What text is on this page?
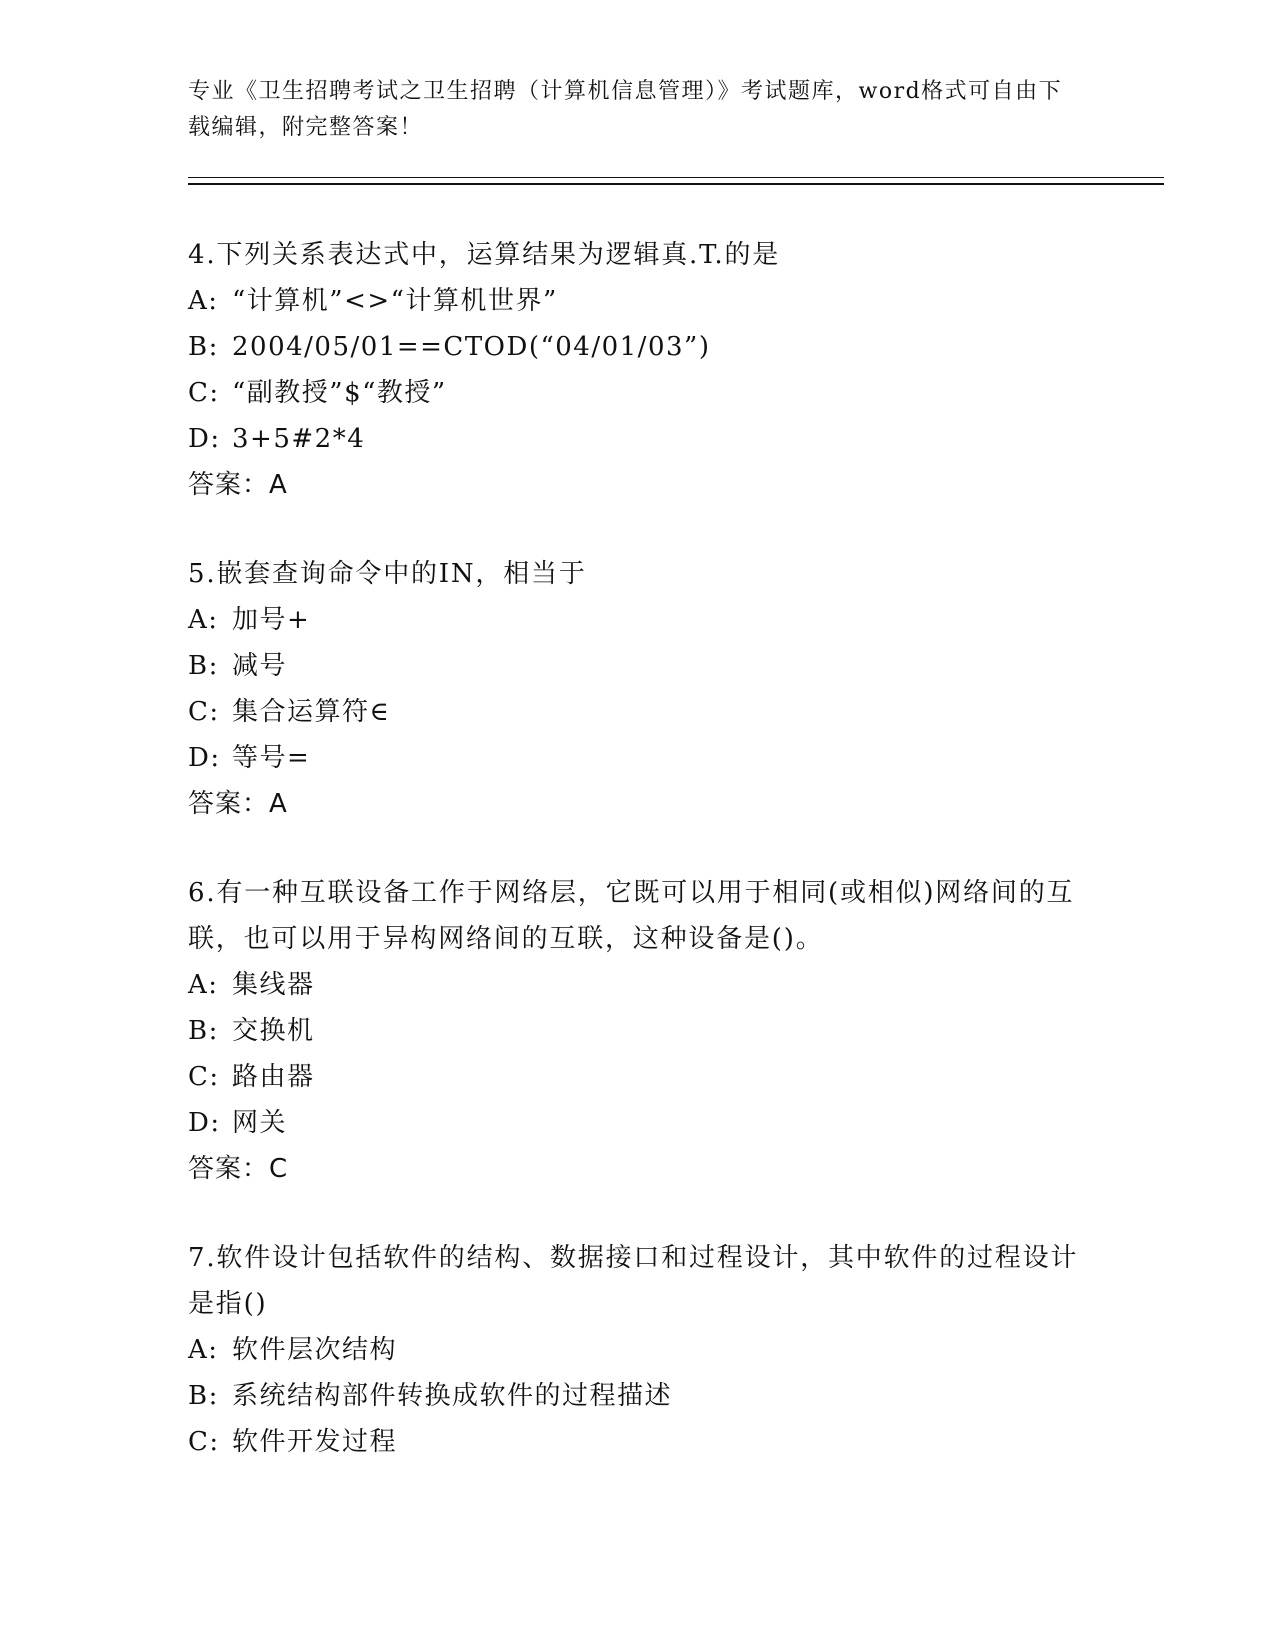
专业《卫生招聘考试之卫生招聘（计算机信息管理）》考试题库，word格式可自由下载编辑，附完整答案！
4.下列关系表达式中，运算结果为逻辑真.T.的是
A: “计算机”<>“计算机世界”
B: 2004/05/01==CTOD(“04/01/03”)
C: “副教授”$“教授”
D: 3+5#2*4
答案：A
5.嵌套查询命令中的IN，相当于
A: 加号+
B: 减号
C: 集合运算符∈
D: 等号=
答案：A
6.有一种互联设备工作于网络层，它既可以用于相同(或相似)网络间的互联，也可以用于异构网络间的互联，这种设备是()。
A: 集线器
B: 交换机
C: 路由器
D: 网关
答案：C
7.软件设计包括软件的结构、数据接口和过程设计，其中软件的过程设计是指()
A: 软件层次结构
B: 系统结构部件转换成软件的过程描述
C: 软件开发过程
